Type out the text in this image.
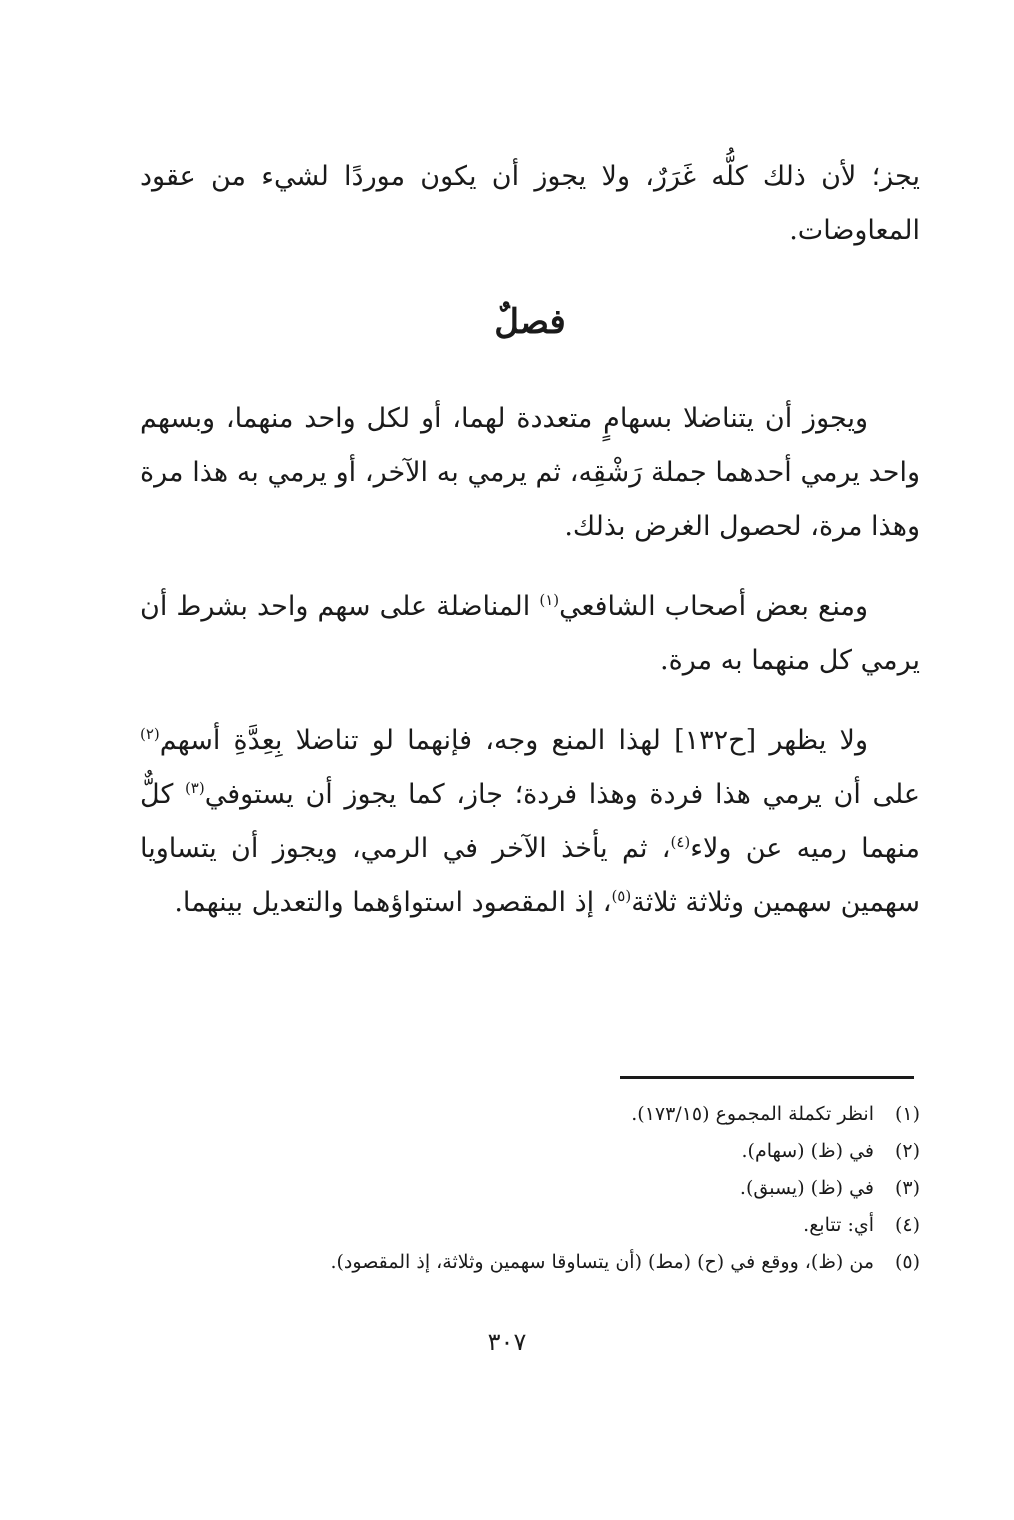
يجز؛ لأن ذلك كلُّه غَرَرٌ، ولا يجوز أن يكون موردًا لشيء من عقود المعاوضات.

فصلٌ

ويجوز أن يتناضلا بسهامٍ متعددة لهما، أو لكل واحد منهما، وبسهم واحد يرمي أحدهما جملة رَشْقِه، ثم يرمي به الآخر، أو يرمي به هذا مرة وهذا مرة، لحصول الغرض بذلك.

ومنع بعض أصحاب الشافعي$^{(١)}$ المناضلة على سهم واحد بشرط أن يرمي كل منهما به مرة.

ولا يظهر [ح١٣٢] لهذا المنع وجه، فإنهما لو تناضلا بِعِدَّةِ أسهم$^{(٢)}$ على أن يرمي هذا فردة وهذا فردة؛ جاز، كما يجوز أن يستوفي$^{(٣)}$ كلٌّ منهما رميه عن ولاء$^{(٤)}$، ثم يأخذ الآخر في الرمي، ويجوز أن يتساويا سهمين سهمين وثلاثة ثلاثة$^{(٥)}$، إذ المقصود استواؤهما والتعديل بينهما.

(١)
انظر تكملة المجموع (١٧٣/١٥).
(٢)
في (ظ) (سهام).
(٣)
في (ظ) (يسبق).
(٤)
أي: تتابع.
(٥)
من (ظ)، ووقع في (ح) (مط) (أن يتساوقا سهمين وثلاثة، إذ المقصود).
٣٠٧
